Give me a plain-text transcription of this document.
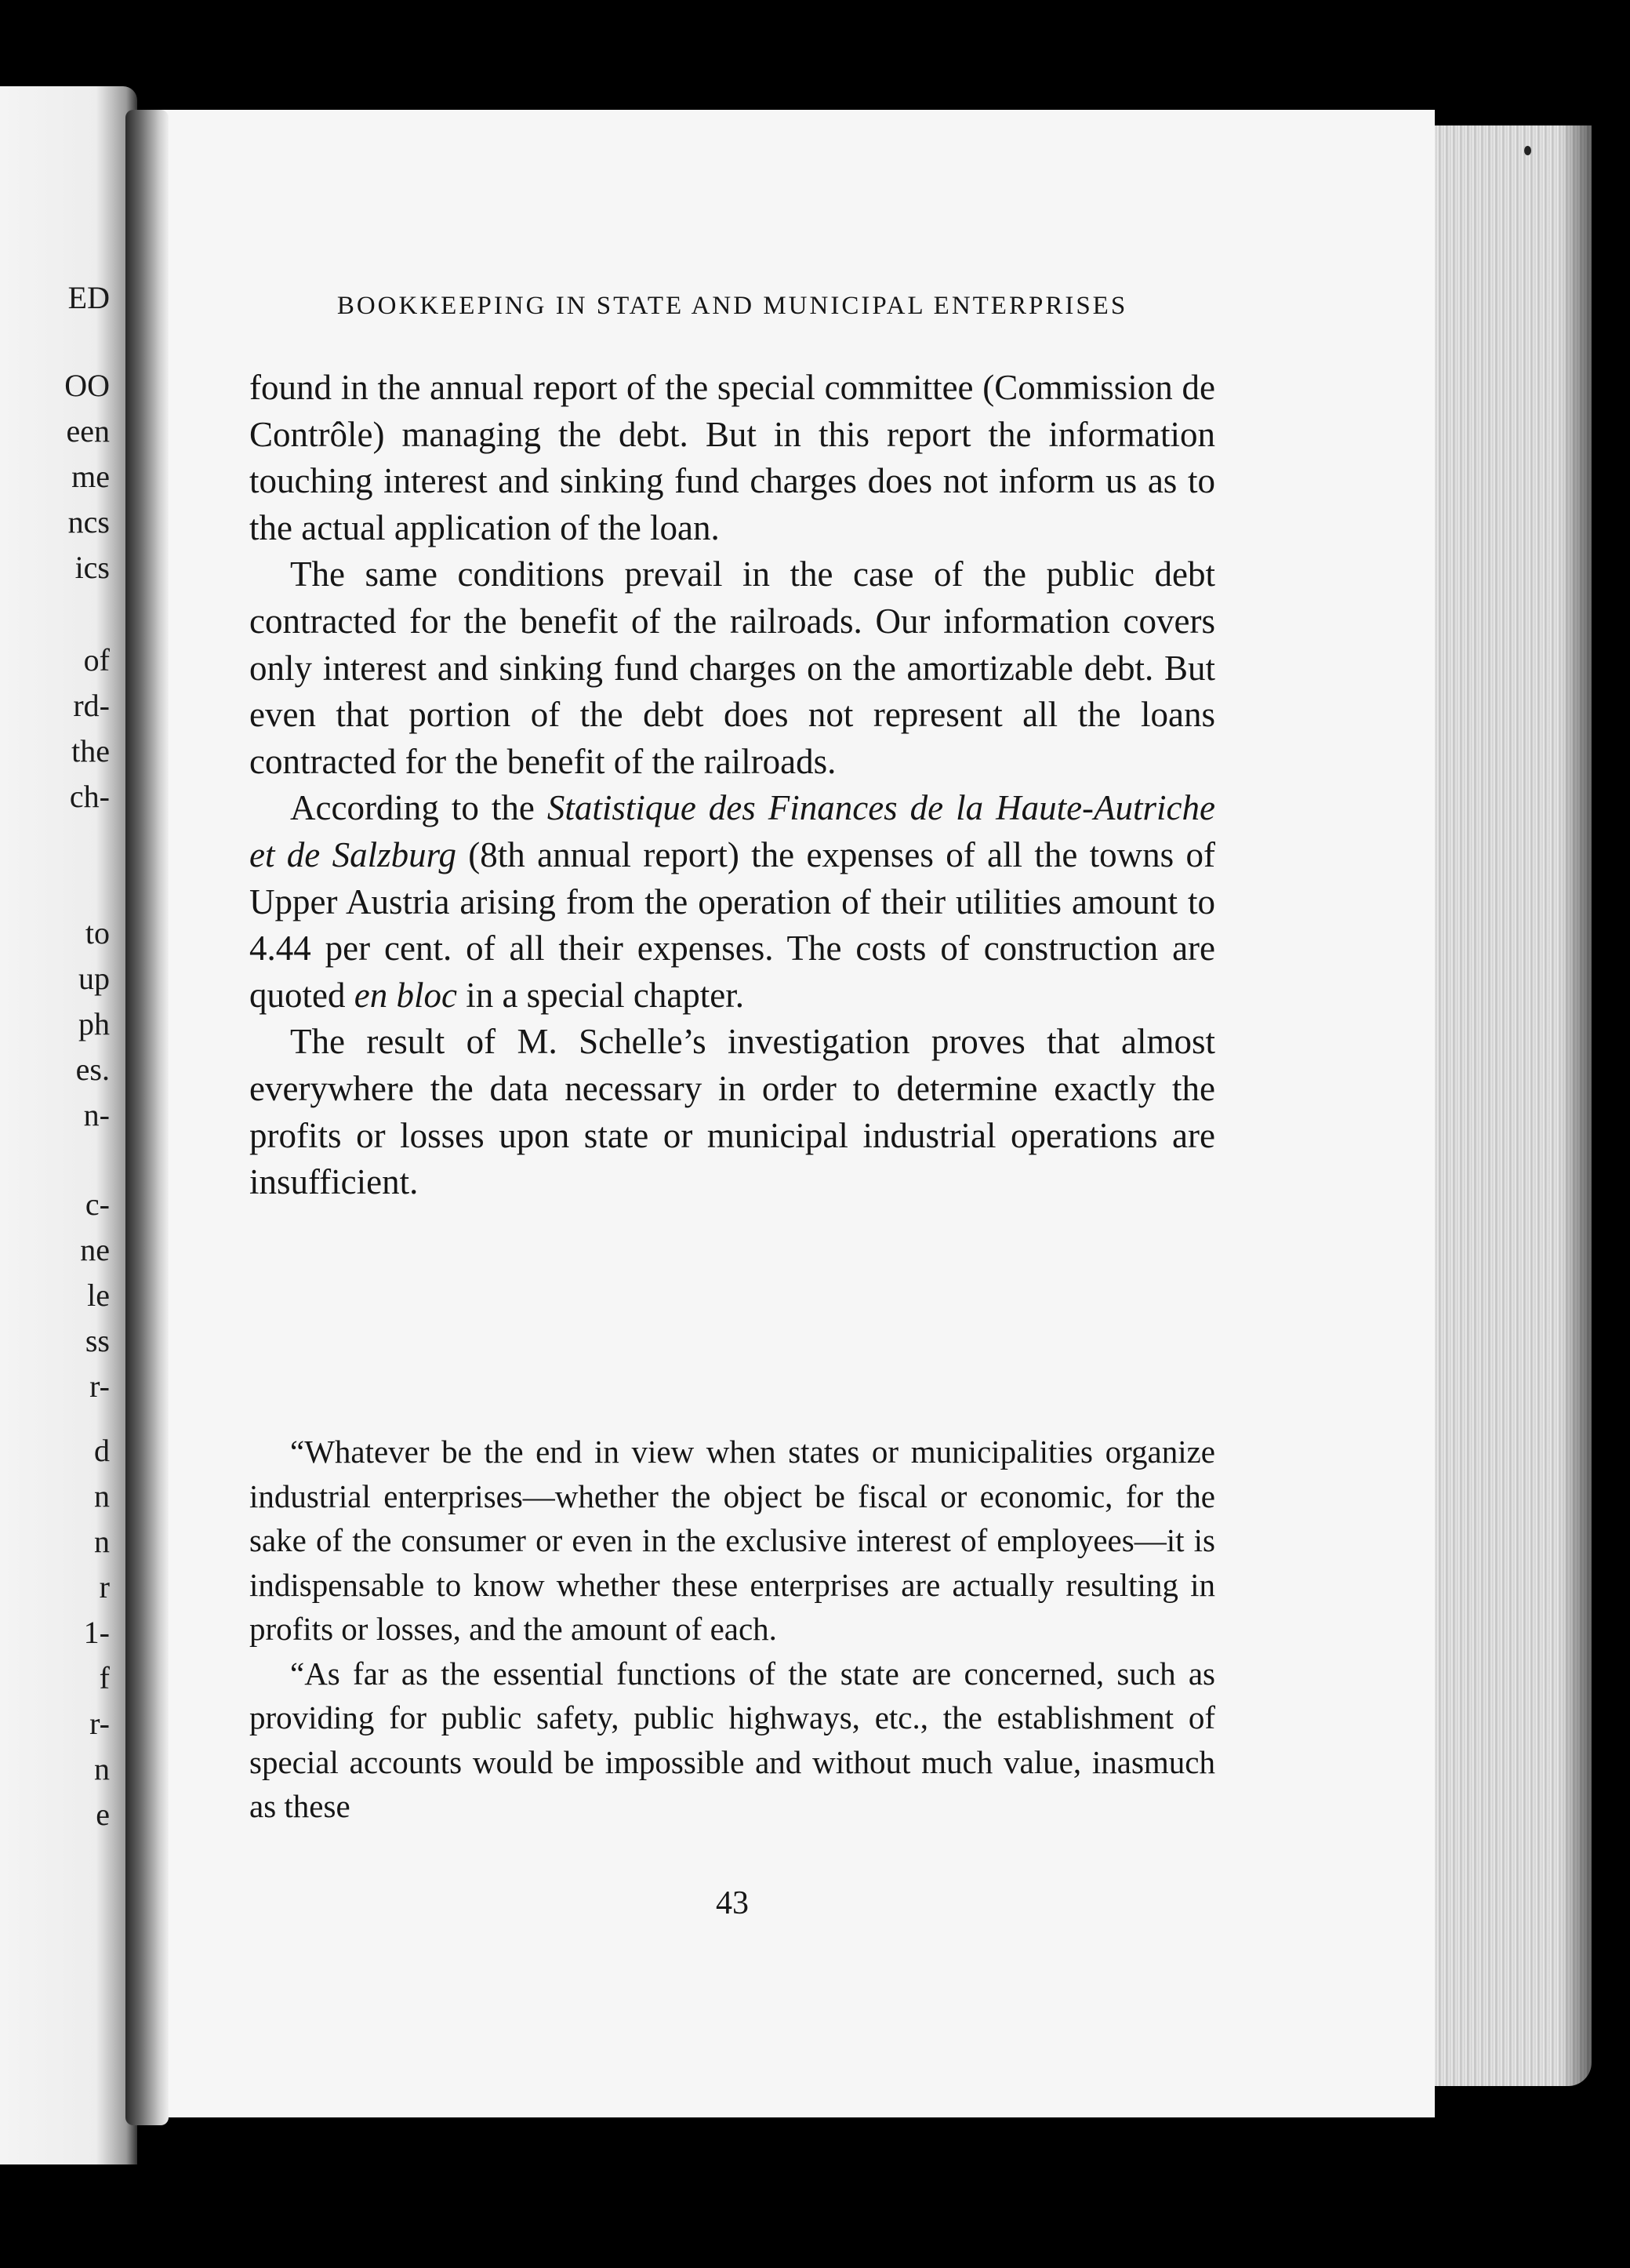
ED
OO
een
me
ncs
ics
of
rd-
the
ch-
to
up
ph
es.
n-
c-
ne
le
ss
r-
d
n
n
r
1-
f
r-
n
e
BOOKKEEPING IN STATE AND MUNICIPAL ENTERPRISES

found in the annual report of the special committee (Commission de Contrôle) managing the debt. But in this report the information touching interest and sinking fund charges does not inform us as to the actual application of the loan.

The same conditions prevail in the case of the public debt contracted for the benefit of the railroads. Our information covers only interest and sinking fund charges on the amortizable debt. But even that portion of the debt does not represent all the loans contracted for the benefit of the railroads.

According to the Statistique des Finances de la Haute-Autriche et de Salzburg (8th annual report) the expenses of all the towns of Upper Austria arising from the operation of their utilities amount to 4.44 per cent. of all their expenses. The costs of construction are quoted en bloc in a special chapter.

The result of M. Schelle’s investigation proves that almost everywhere the data necessary in order to determine exactly the profits or losses upon state or municipal industrial operations are insufficient.

“Whatever be the end in view when states or municipalities organize industrial enterprises—whether the object be fiscal or economic, for the sake of the consumer or even in the exclusive interest of employees—it is indispensable to know whether these enterprises are actually resulting in profits or losses, and the amount of each.

“As far as the essential functions of the state are concerned, such as providing for public safety, public highways, etc., the establishment of special accounts would be impossible and without much value, inasmuch as these

43
